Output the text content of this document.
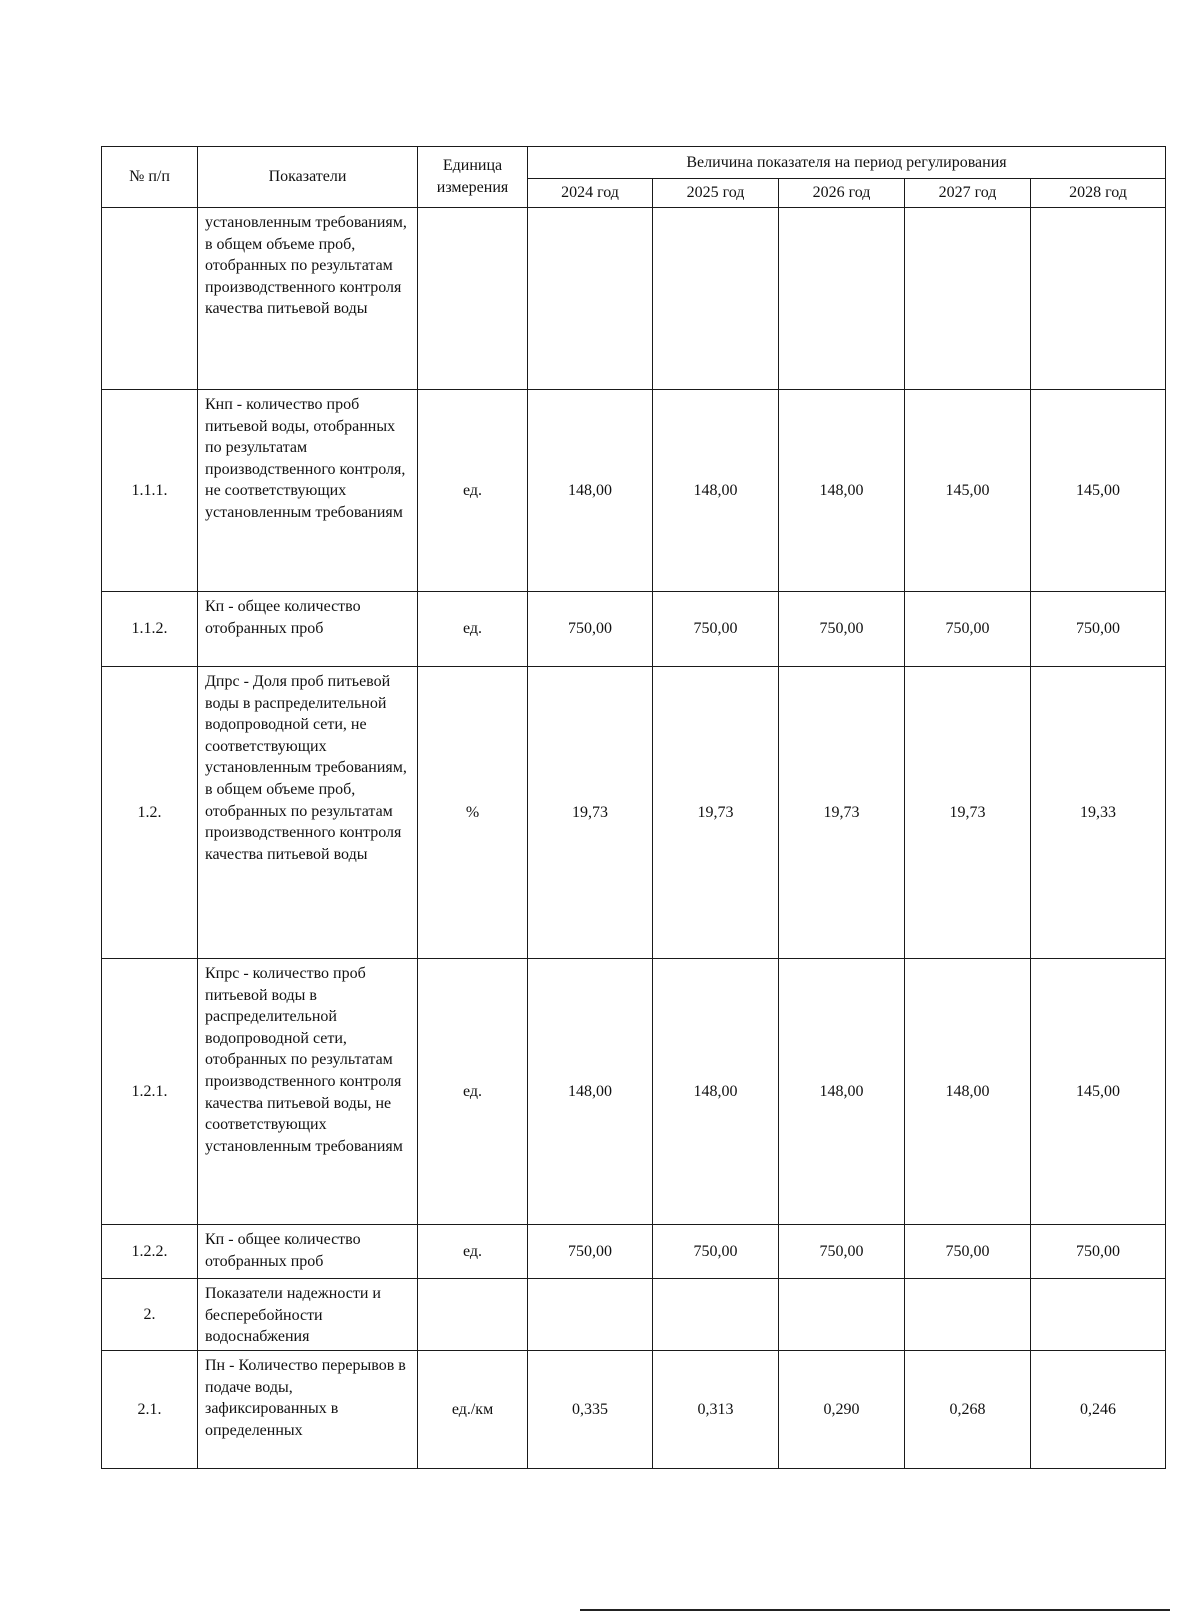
№ п/п	Показатели	Единица измерения	Величина показателя на период регулирования				
			2024 год	2025 год	2026 год	2027 год	2028 год
	установленным требованиям, в общем объеме проб, отобранных по результатам производственного контроля качества питьевой воды						
1.1.1.	Кнп - количество проб питьевой воды, отобранных по результатам производственного контроля, не соответствующих установленным требованиям	ед.	148,00	148,00	148,00	145,00	145,00
1.1.2.	Кп - общее количество отобранных проб	ед.	750,00	750,00	750,00	750,00	750,00
1.2.	Дпрс - Доля проб питьевой воды в распределительной водопроводной сети, не соответствующих установленным требованиям, в общем объеме проб, отобранных по результатам производственного контроля качества питьевой воды	%	19,73	19,73	19,73	19,73	19,33
1.2.1.	Кпрс - количество проб питьевой воды в распределительной водопроводной сети, отобранных по результатам производственного контроля качества питьевой воды, не соответствующих установленным требованиям	ед.	148,00	148,00	148,00	148,00	145,00
1.2.2.	Кп - общее количество отобранных проб	ед.	750,00	750,00	750,00	750,00	750,00
2.	Показатели надежности и бесперебойности водоснабжения						
2.1.	Пн - Количество перерывов в подаче воды, зафиксированных в определенных	ед./км	0,335	0,313	0,290	0,268	0,246
